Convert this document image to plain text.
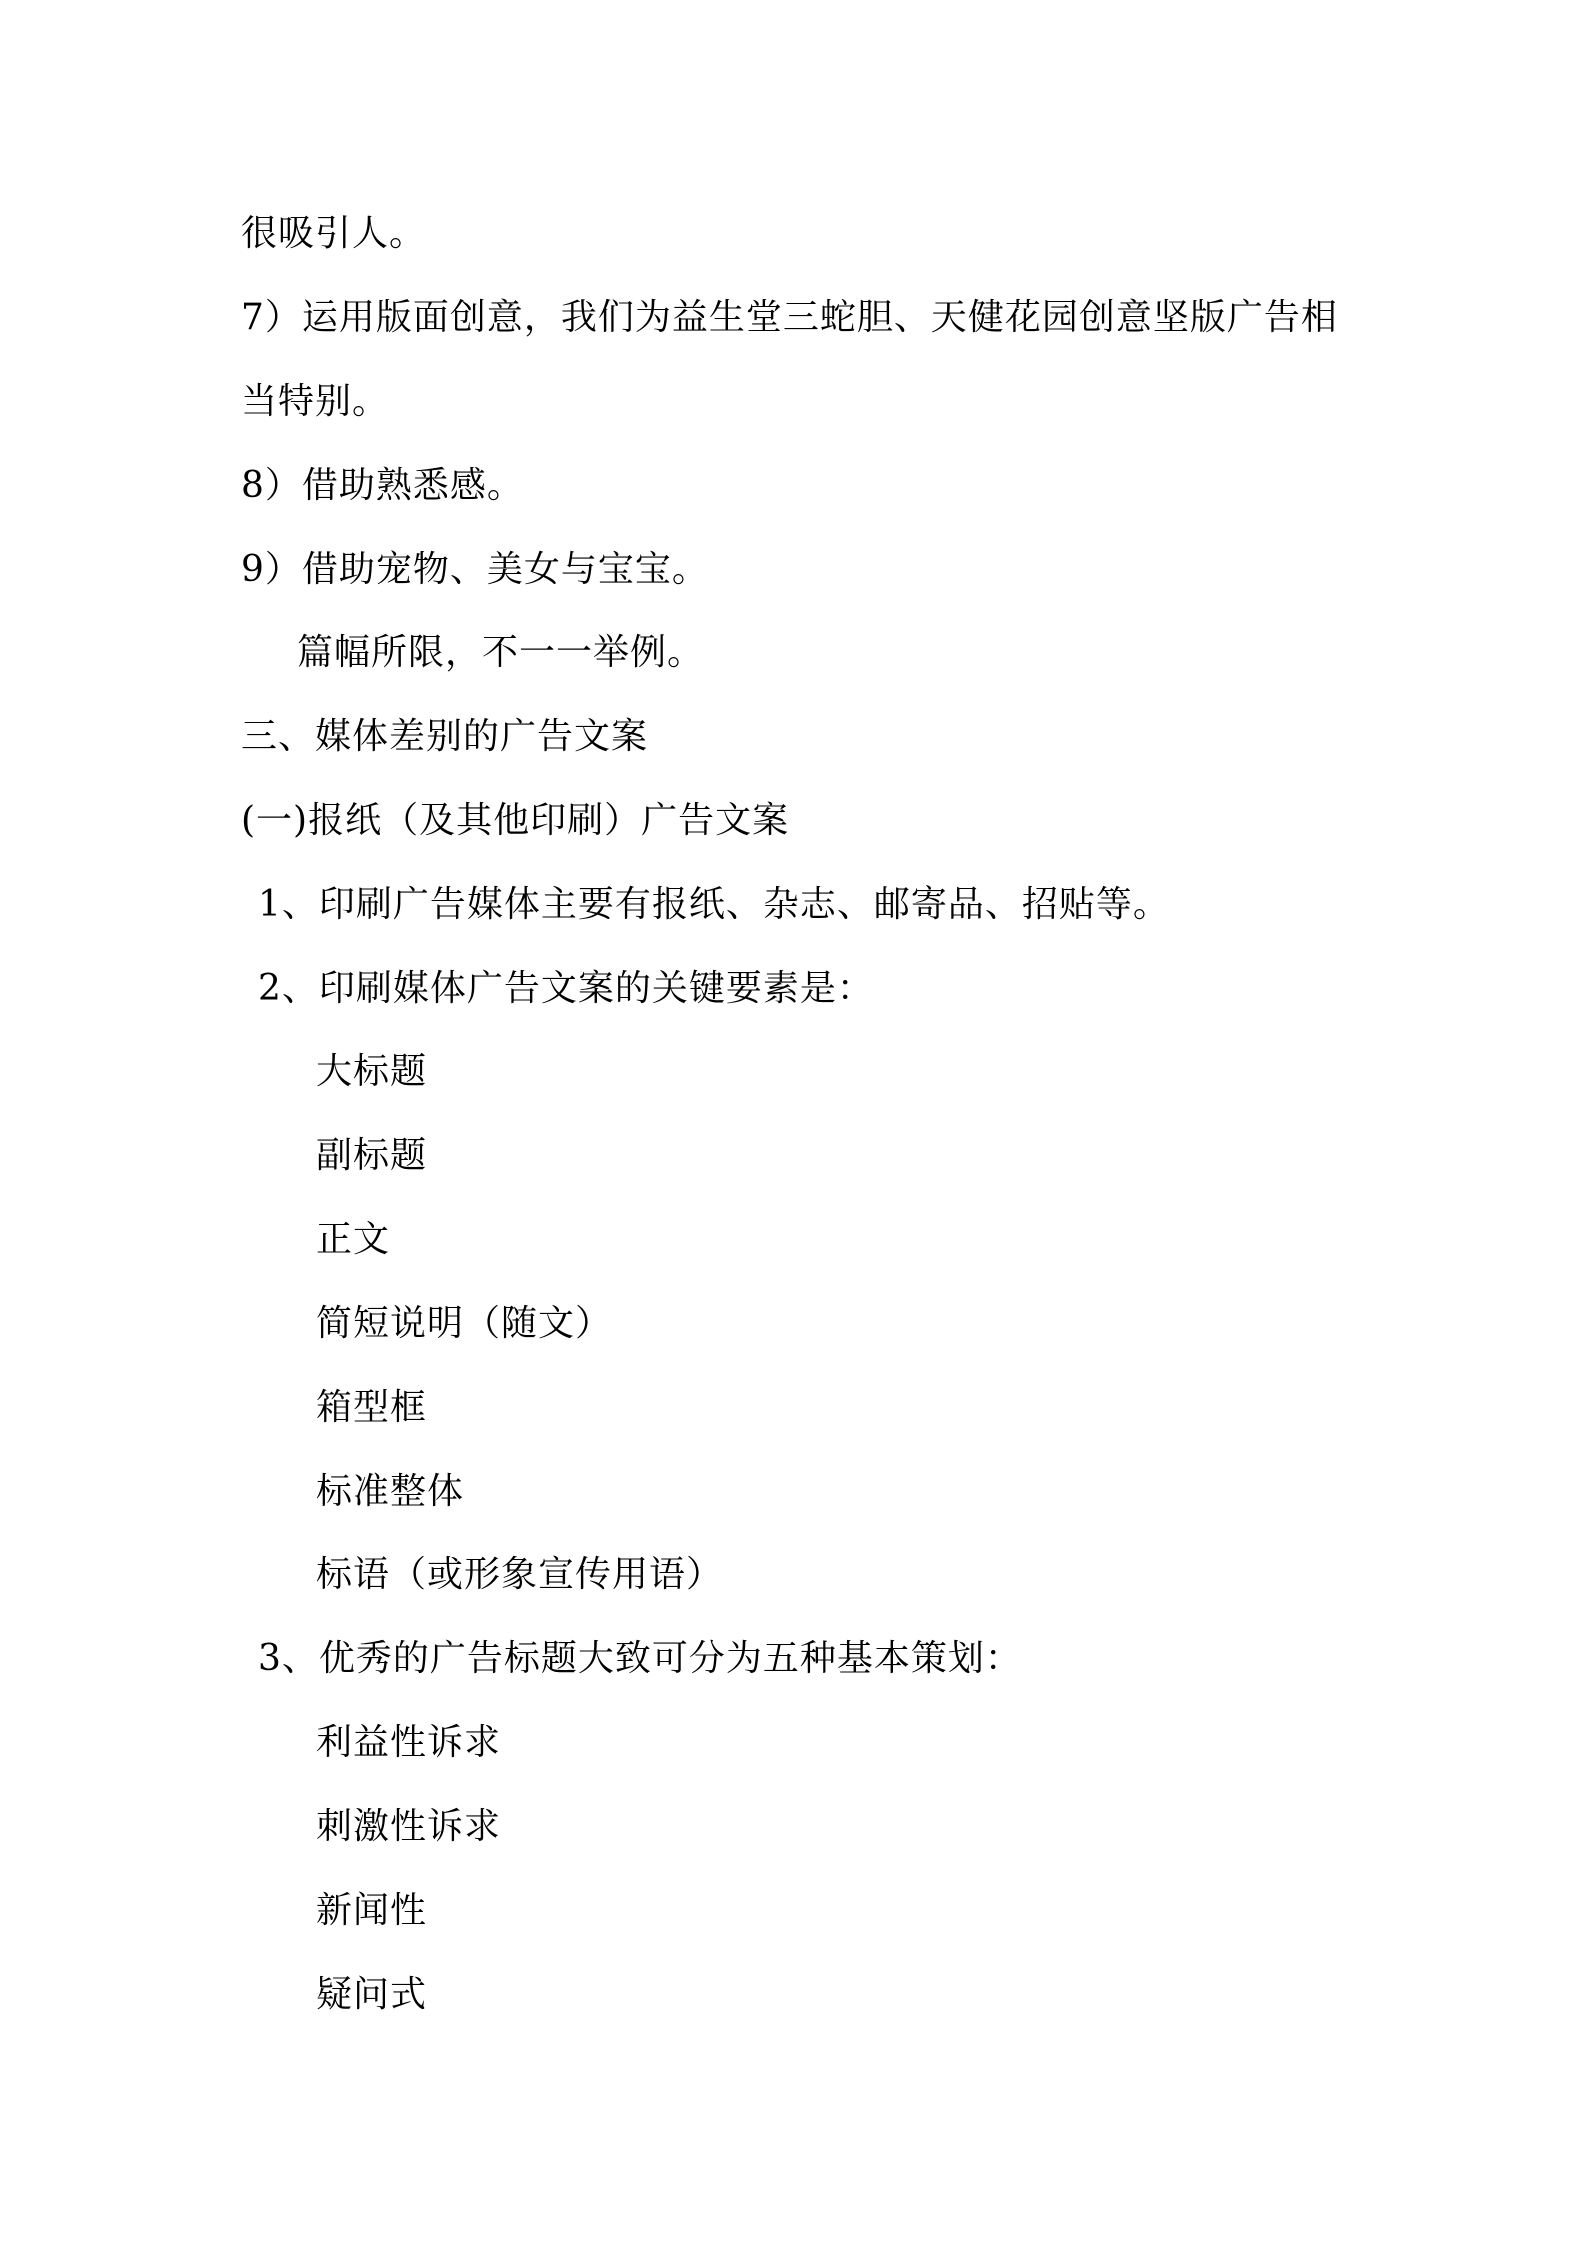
很吸引人。
7）运用版面创意，我们为益生堂三蛇胆、天健花园创意坚版广告相
当特别。
8）借助熟悉感。
9）借助宠物、美女与宝宝。
篇幅所限，不一一举例。
三、媒体差别的广告文案
(一)报纸（及其他印刷）广告文案
1、印刷广告媒体主要有报纸、杂志、邮寄品、招贴等。
2、印刷媒体广告文案的关键要素是：
大标题
副标题
正文
简短说明（随文）
箱型框
标准整体
标语（或形象宣传用语）
3、优秀的广告标题大致可分为五种基本策划：
利益性诉求
刺激性诉求
新闻性
疑问式
